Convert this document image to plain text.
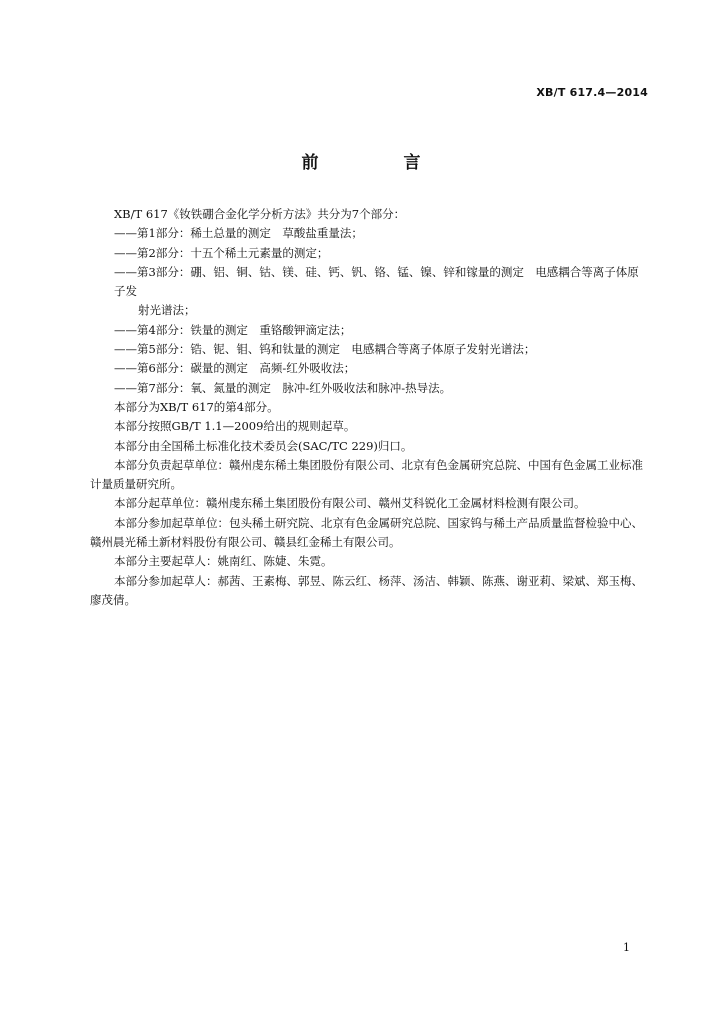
XB/T 617.4—2014
前　言

XB/T 617《钕铁硼合金化学分析方法》共分为7个部分：

——第1部分：稀土总量的测定　草酸盐重量法；

——第2部分：十五个稀土元素量的测定；

——第3部分：硼、铝、铜、钴、镁、硅、钙、钒、铬、锰、镍、锌和镓量的测定　电感耦合等离子体原子发

射光谱法；

——第4部分：铁量的测定　重铬酸钾滴定法；

——第5部分：锆、铌、钼、钨和钛量的测定　电感耦合等离子体原子发射光谱法；

——第6部分：碳量的测定　高频-红外吸收法；

——第7部分：氧、氮量的测定　脉冲-红外吸收法和脉冲-热导法。

本部分为XB/T 617的第4部分。

本部分按照GB/T 1.1—2009给出的规则起草。

本部分由全国稀土标准化技术委员会(SAC/TC 229)归口。

本部分负责起草单位：赣州虔东稀土集团股份有限公司、北京有色金属研究总院、中国有色金属工业标准计量质量研究所。

本部分起草单位：赣州虔东稀土集团股份有限公司、赣州艾科锐化工金属材料检测有限公司。

本部分参加起草单位：包头稀土研究院、北京有色金属研究总院、国家钨与稀土产品质量监督检验中心、赣州晨光稀土新材料股份有限公司、赣县红金稀土有限公司。

本部分主要起草人：姚南红、陈婕、朱霓。

本部分参加起草人：郝茜、王素梅、郭昱、陈云红、杨萍、汤洁、韩颖、陈燕、谢亚莉、梁斌、郑玉梅、廖茂倩。

1
